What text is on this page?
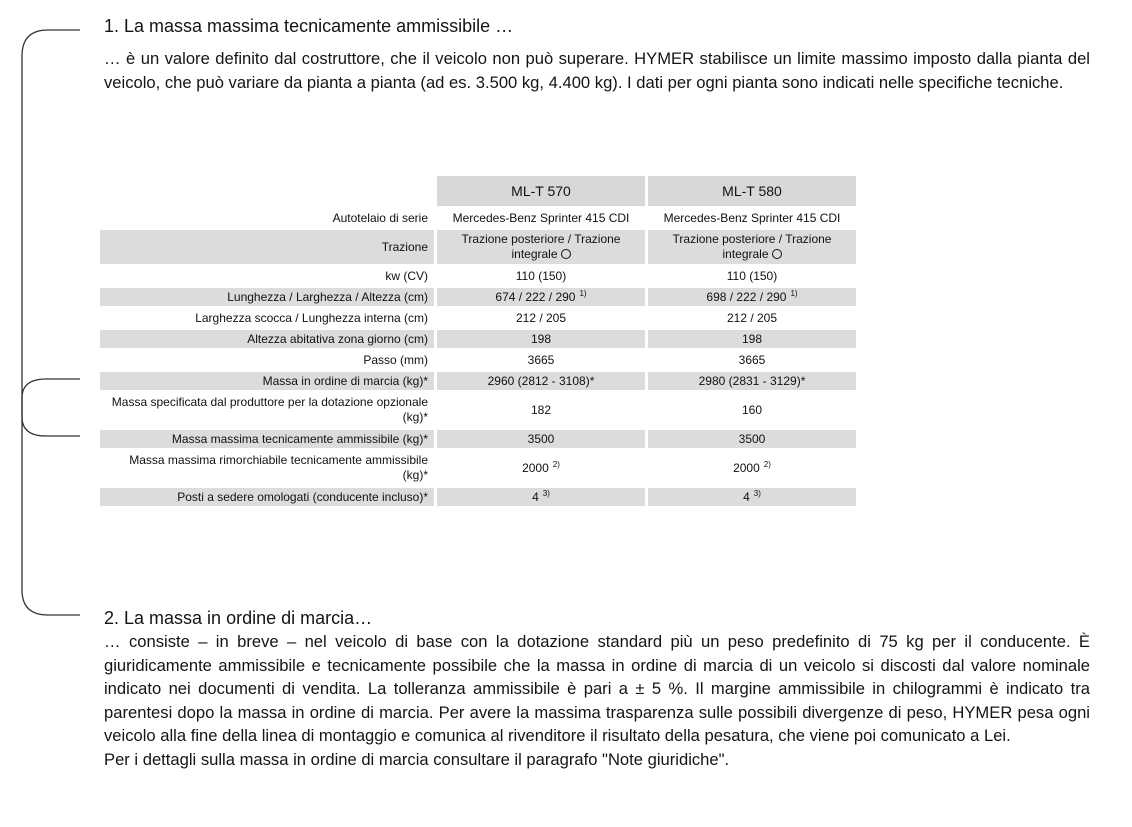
1. La massa massima tecnicamente ammissibile …

… è un valore definito dal costruttore, che il veicolo non può superare. HYMER stabilisce un limite massimo imposto dalla pianta del veicolo, che può variare da pianta a pianta (ad es. 3.500 kg, 4.400 kg). I dati per ogni pianta sono indicati nelle specifiche tecniche.

	ML-T 570	ML-T 580
Autotelaio di serie	Mercedes-Benz Sprinter 415 CDI	Mercedes-Benz Sprinter 415 CDI
Trazione	Trazione posteriore / Trazione integrale	Trazione posteriore / Trazione integrale
kw (CV)	110 (150)	110 (150)
Lunghezza / Larghezza / Altezza (cm)	674 / 222 / 290 $^{1)}$	698 / 222 / 290 $^{1)}$
Larghezza scocca / Lunghezza interna (cm)	212 / 205	212 / 205
Altezza abitativa zona giorno (cm)	198	198
Passo (mm)	3665	3665
Massa in ordine di marcia (kg)*	2960 (2812 - 3108)*	2980 (2831 - 3129)*
Massa specificata dal produttore per la dotazione opzionale (kg)*	182	160
Massa massima tecnicamente ammissibile (kg)*	3500	3500
Massa massima rimorchiabile tecnicamente ammissibile (kg)*	2000 $^{2)}$	2000 $^{2)}$
Posti a sedere omologati (conducente incluso)*	4 $^{3)}$	4 $^{3)}$
2. La massa in ordine di marcia…

… consiste – in breve – nel veicolo di base con la dotazione standard più un peso predefinito di 75 kg per il conducente. È giuridicamente ammissibile e tecnicamente possibile che la massa in ordine di marcia di un veicolo si discosti dal valore nominale indicato nei documenti di vendita. La tolleranza ammissibile è pari a ± 5 %. Il margine ammissibile in chilogrammi è indicato tra parentesi dopo la massa in ordine di marcia. Per avere la massima trasparenza sulle possibili divergenze di peso, HYMER pesa ogni veicolo alla fine della linea di montaggio e comunica al rivenditore il risultato della pesatura, che viene poi comunicato a Lei.

Per i dettagli sulla massa in ordine di marcia consultare il paragrafo "Note giuridiche".
